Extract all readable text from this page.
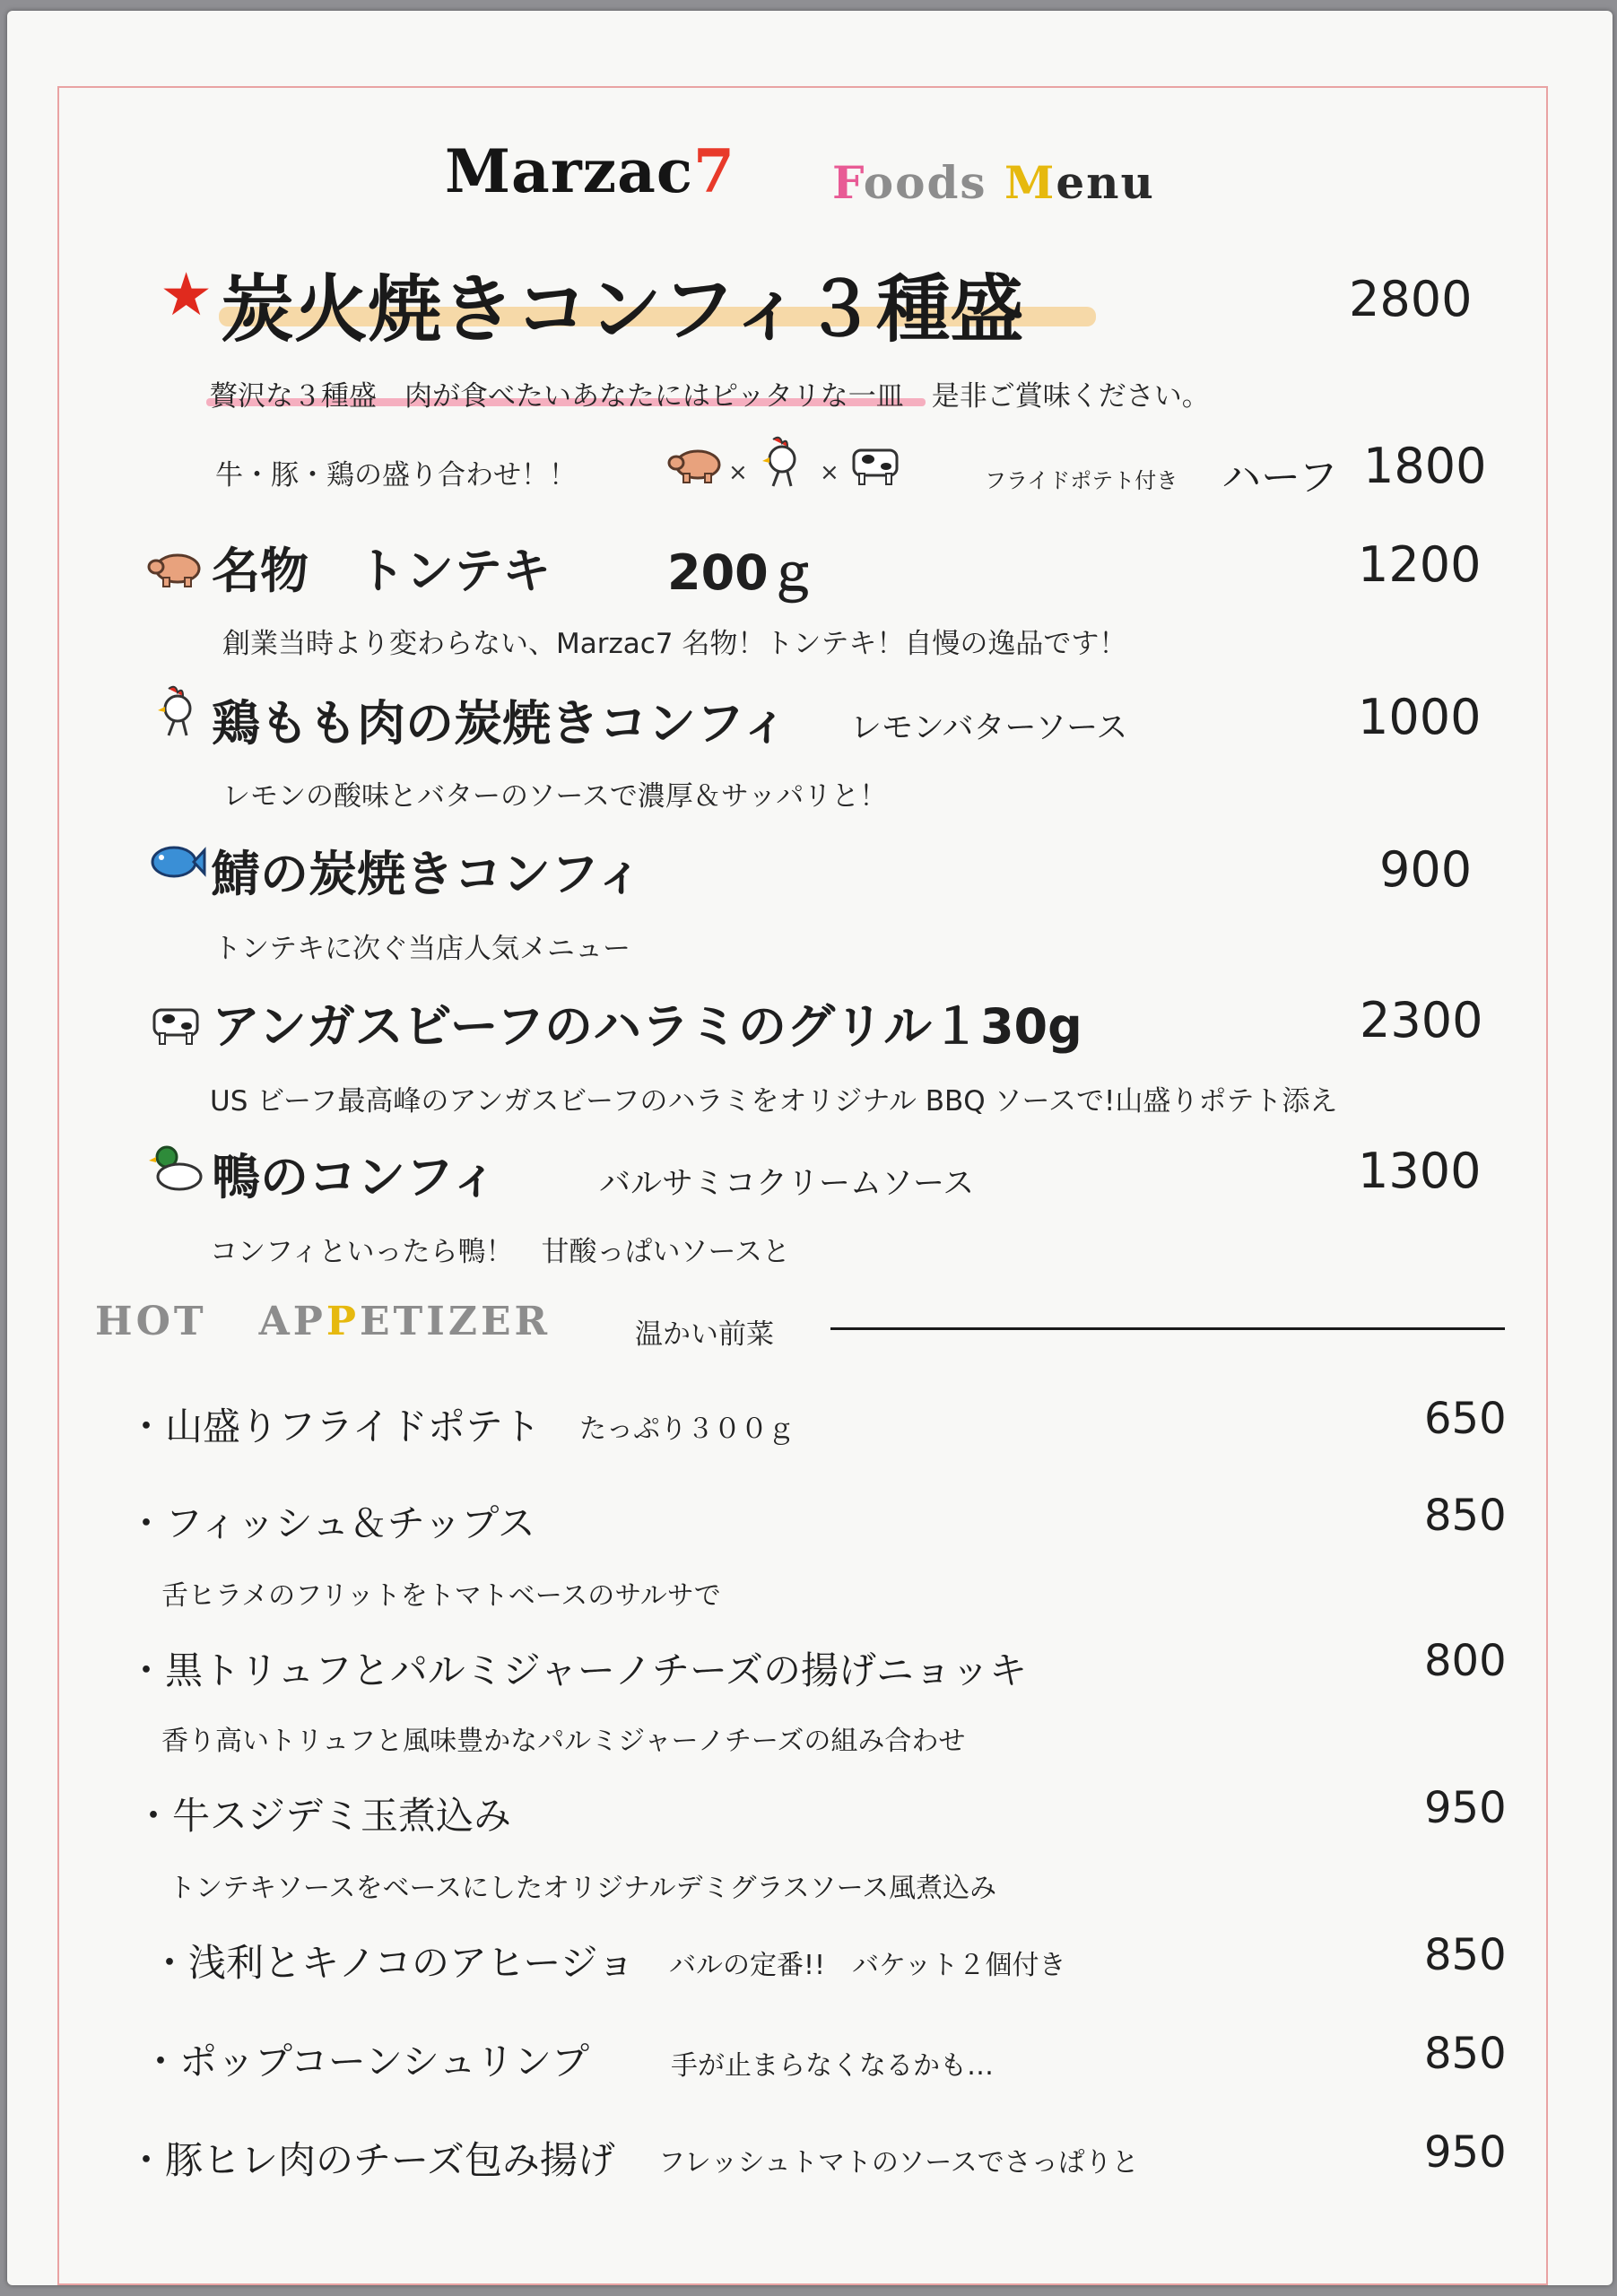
Marzac7 Foods Menu
★ 炭火焼きコンフィ３種盛	2800
贅沢な３種盛　肉が食べたいあなたにはピッタリな一皿　是非ご賞味ください。
牛・豚・鶏の盛り合わせ！！	×	×	フライドポテト付き ハーフ 1800
名物　トンテキ 200ｇ	1200
創業当時より変わらない、Marzac7 名物！トンテキ！自慢の逸品です！
鶏もも肉の炭焼きコンフィ レモンバターソース	1000
レモンの酸味とバターのソースで濃厚＆サッパリと！
鯖の炭焼きコンフィ	900
トンテキに次ぐ当店人気メニュー
アンガスビーフのハラミのグリル１30g	2300
US ビーフ最高峰のアンガスビーフのハラミをオリジナル BBQ ソースで!山盛りポテト添え
鴨のコンフィ	バルサミコクリームソース	1300
コンフィといったら鴨！　甘酸っぱいソースと
HOT APPETIZER	温かい前菜
・山盛りフライドポテト たっぷり３００ｇ	650
・フィッシュ＆チップス	850
舌ヒラメのフリットをトマトベースのサルサで
・黒トリュフとパルミジャーノチーズの揚げニョッキ	800
香り高いトリュフと風味豊かなパルミジャーノチーズの組み合わせ
・牛スジデミ玉煮込み	950
トンテキソースをベースにしたオリジナルデミグラスソース風煮込み
・浅利とキノコのアヒージョ バルの定番!!　バケット２個付き	850
・ポップコーンシュリンプ	手が止まらなくなるかも…	850
・豚ヒレ肉のチーズ包み揚げ フレッシュトマトのソースでさっぱりと	950
